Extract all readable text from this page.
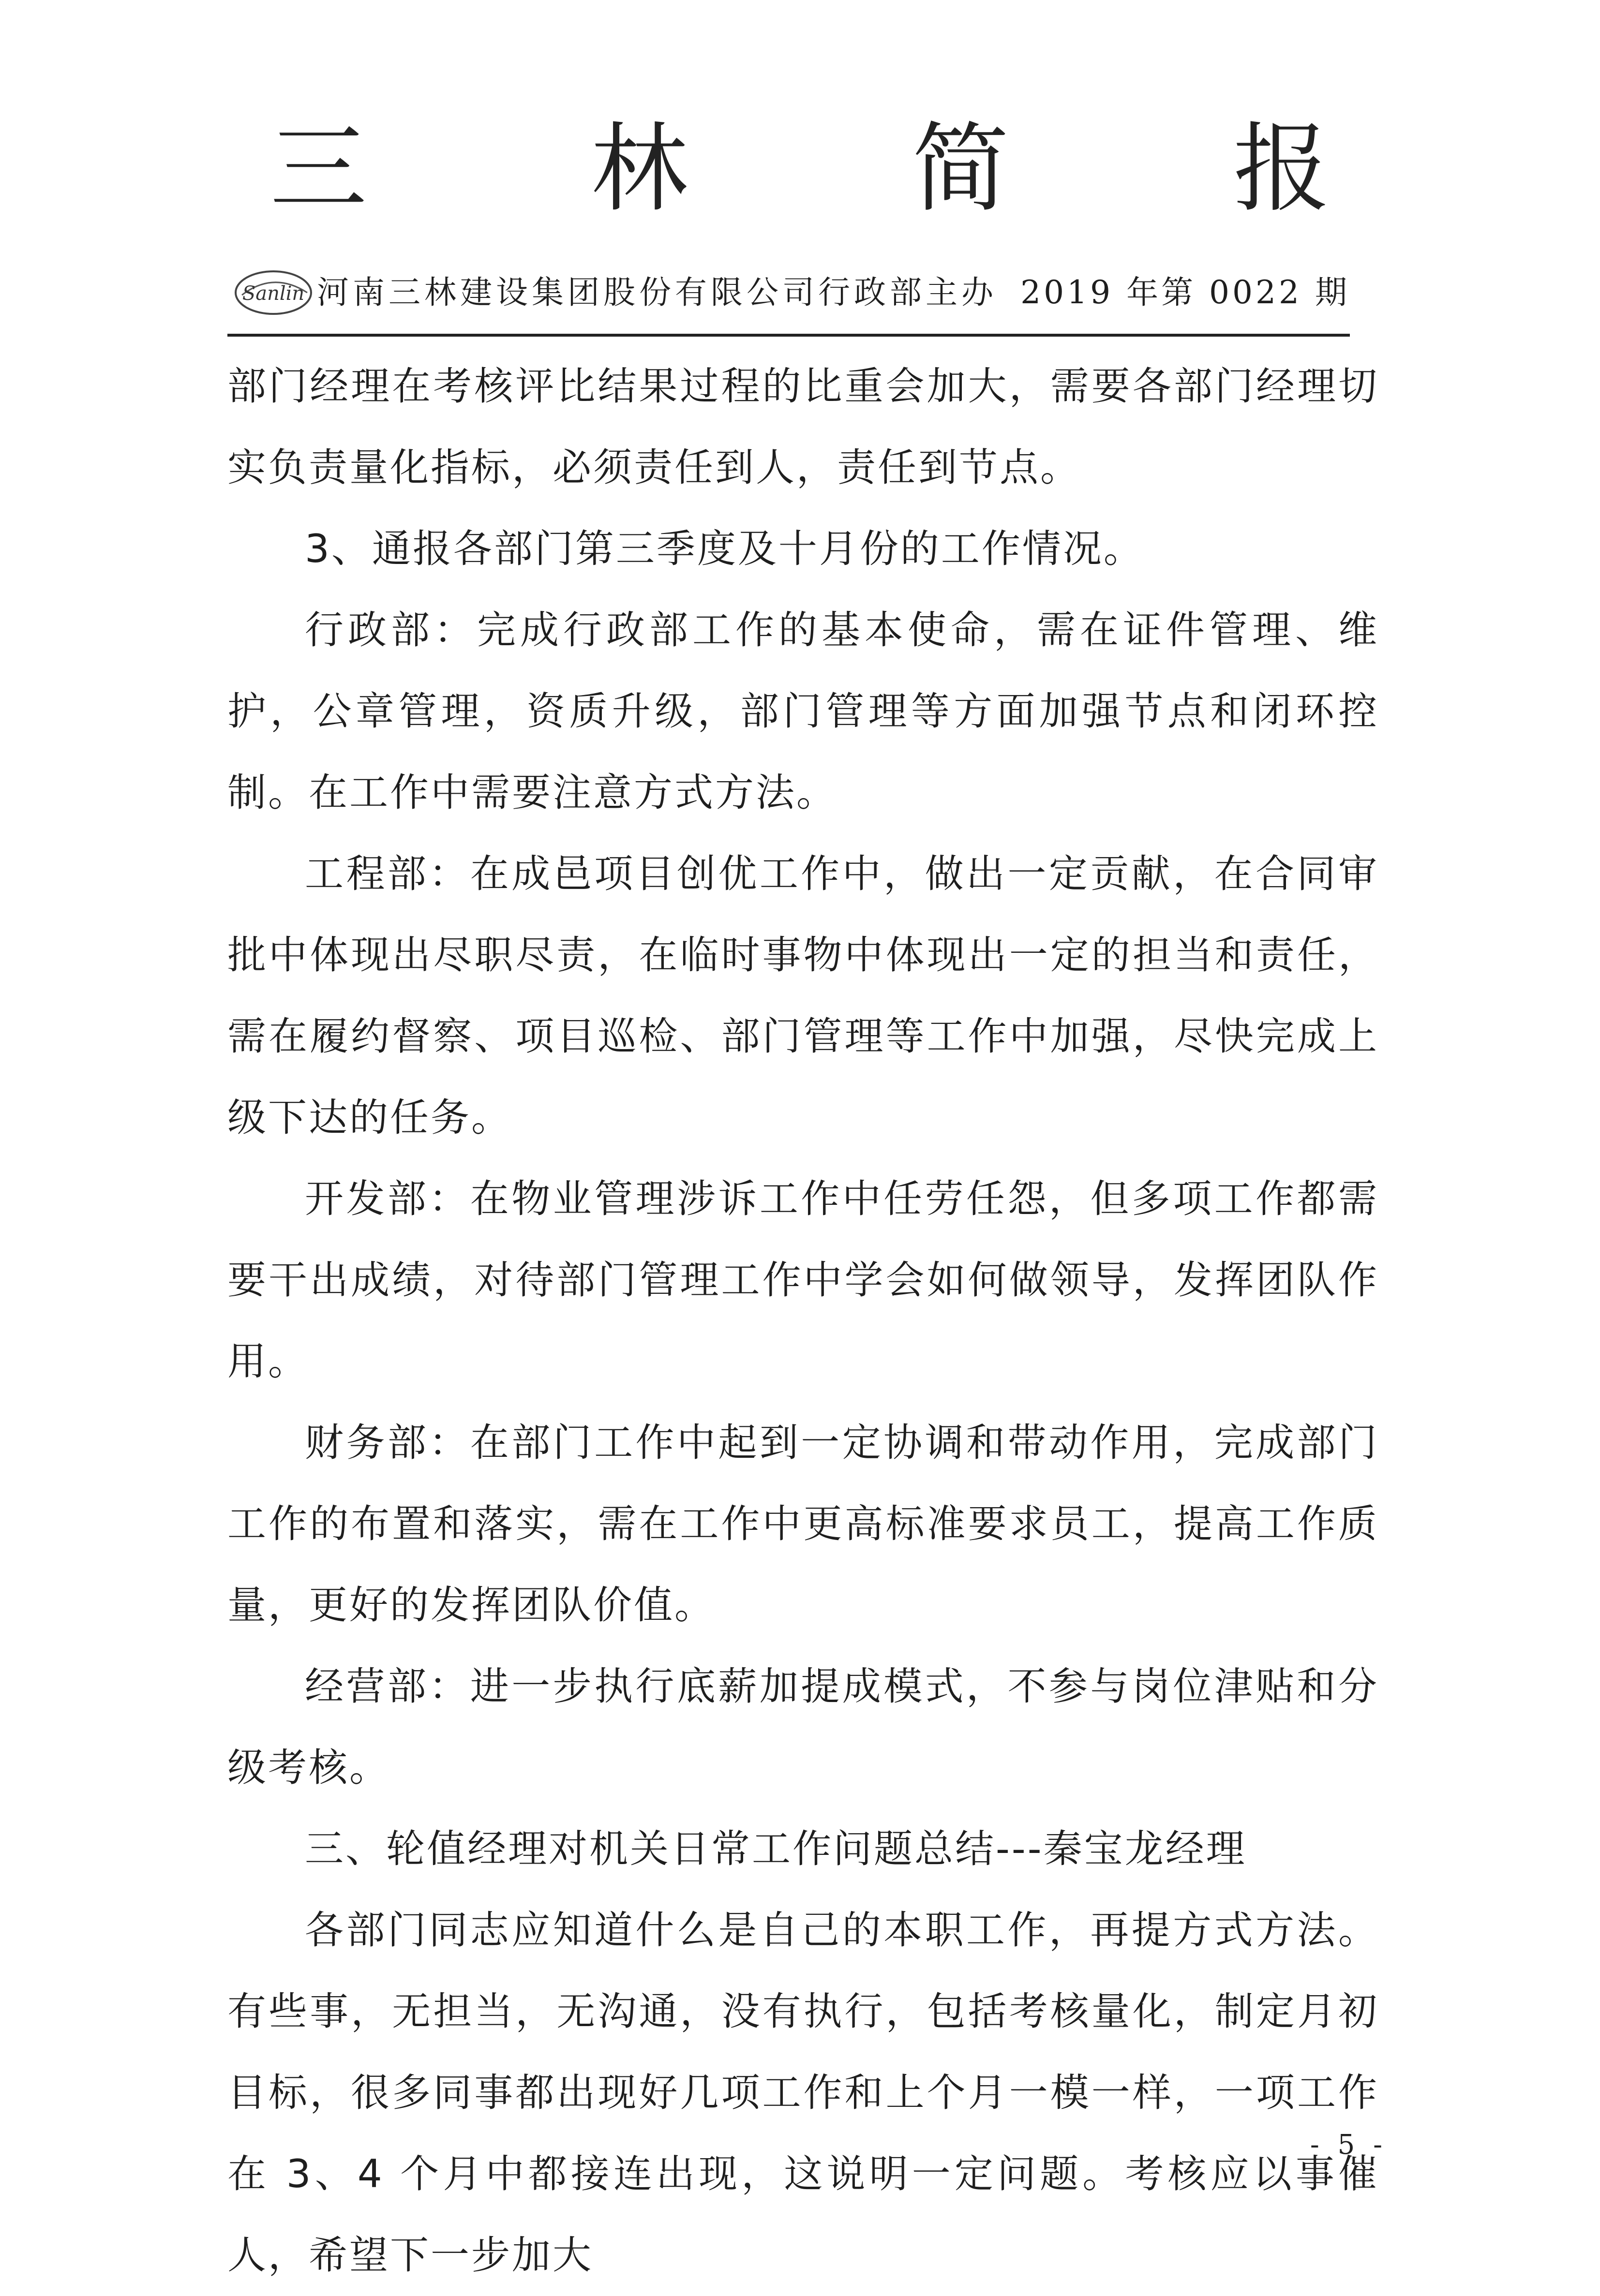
三 林 简 报
Sanlin 河南三林建设集团股份有限公司行政部主办 2019 年第 0022 期

部门经理在考核评比结果过程的比重会加大，需要各部门经理切实负责量化指标，必须责任到人，责任到节点。

3、通报各部门第三季度及十月份的工作情况。

行政部：完成行政部工作的基本使命，需在证件管理、维护，公章管理，资质升级，部门管理等方面加强节点和闭环控制。在工作中需要注意方式方法。

工程部：在成邑项目创优工作中，做出一定贡献，在合同审批中体现出尽职尽责，在临时事物中体现出一定的担当和责任，需在履约督察、项目巡检、部门管理等工作中加强，尽快完成上级下达的任务。

开发部：在物业管理涉诉工作中任劳任怨，但多项工作都需要干出成绩，对待部门管理工作中学会如何做领导，发挥团队作用。

财务部：在部门工作中起到一定协调和带动作用，完成部门工作的布置和落实，需在工作中更高标准要求员工，提高工作质量，更好的发挥团队价值。

经营部：进一步执行底薪加提成模式，不参与岗位津贴和分级考核。

三、轮值经理对机关日常工作问题总结---秦宝龙经理

各部门同志应知道什么是自己的本职工作，再提方式方法。有些事，无担当，无沟通，没有执行，包括考核量化，制定月初目标，很多同事都出现好几项工作和上个月一模一样，一项工作在 3、4 个月中都接连出现，这说明一定问题。考核应以事催人，希望下一步加大

- 5 -
